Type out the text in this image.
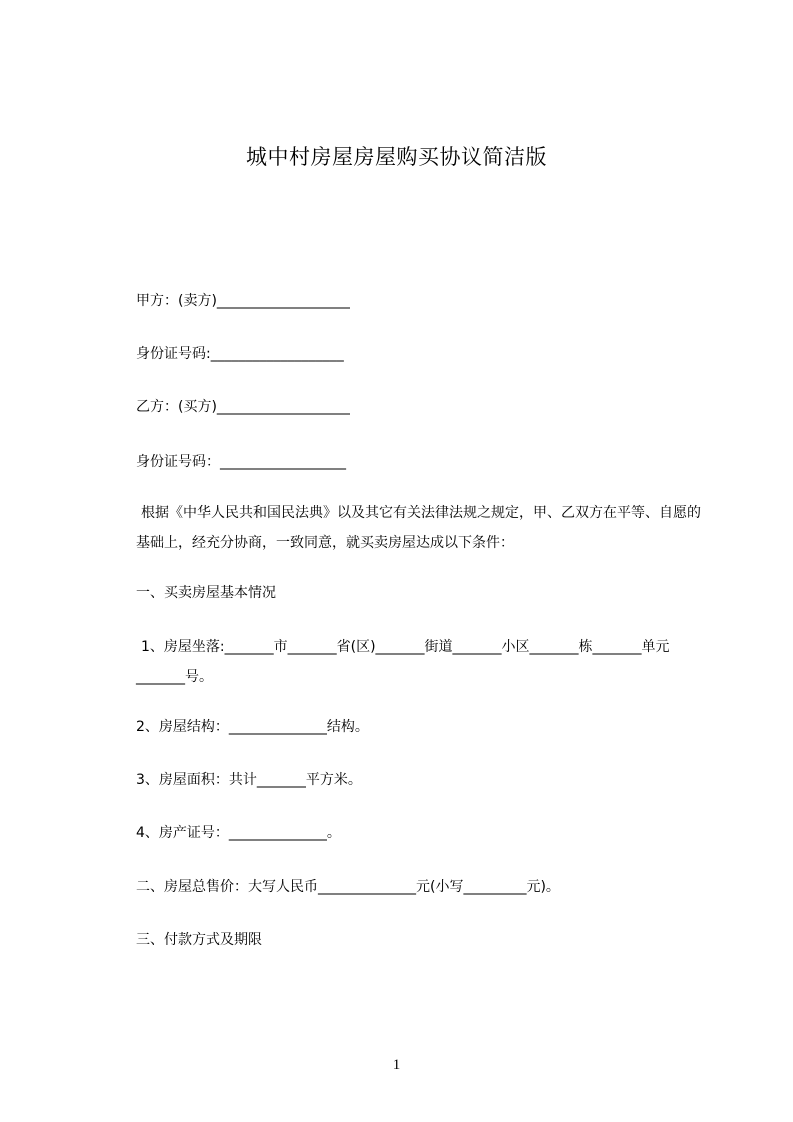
城中村房屋房屋购买协议简洁版
甲方：(卖方)___________________
身份证号码:___________________
乙方：(买方)___________________
身份证号码：__________________
根据《中华人民共和国民法典》以及其它有关法律法规之规定，甲、乙双方在平等、自愿的基础上，经充分协商，一致同意，就买卖房屋达成以下条件：
一、买卖房屋基本情况
1、房屋坐落:_______市_______省(区)_______街道_______小区_______栋_______单元_______号。
2、房屋结构：______________结构。
3、房屋面积：共计_______平方米。
4、房产证号：______________。
二、房屋总售价：大写人民币______________元(小写_________元)。
三、付款方式及期限
1
